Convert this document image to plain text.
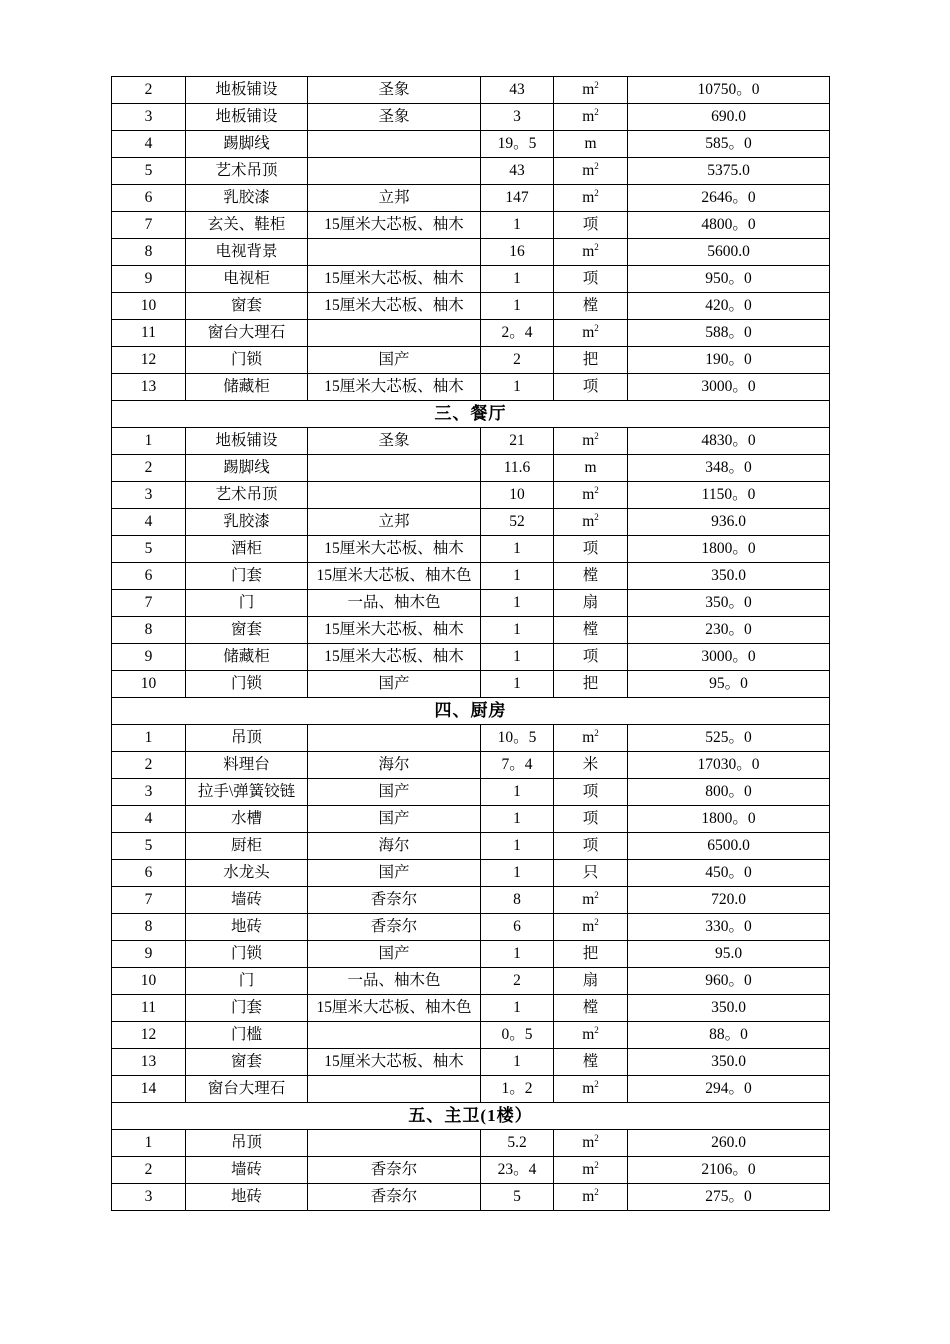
2	地板铺设	圣象	43	$m^2$	10750。0
3	地板铺设	圣象	3	$m^2$	690.0
4	踢脚线		19。5	m	585。0
5	艺术吊顶		43	$m^2$	5375.0
6	乳胶漆	立邦	147	$m^2$	2646。0
7	玄关、鞋柜	15厘米大芯板、柚木	1	项	4800。0
8	电视背景		16	$m^2$	5600.0
9	电视柜	15厘米大芯板、柚木	1	项	950。0
10	窗套	15厘米大芯板、柚木	1	樘	420。0
11	窗台大理石		2。4	$m^2$	588。0
12	门锁	国产	2	把	190。0
13	储藏柜	15厘米大芯板、柚木	1	项	3000。0
三、餐厅					
1	地板铺设	圣象	21	$m^2$	4830。0
2	踢脚线		11.6	m	348。0
3	艺术吊顶		10	$m^2$	1150。0
4	乳胶漆	立邦	52	$m^2$	936.0
5	酒柜	15厘米大芯板、柚木	1	项	1800。0
6	门套	15厘米大芯板、柚木色	1	樘	350.0
7	门	一品、柚木色	1	扇	350。0
8	窗套	15厘米大芯板、柚木	1	樘	230。0
9	储藏柜	15厘米大芯板、柚木	1	项	3000。0
10	门锁	国产	1	把	95。0
四、厨房					
1	吊顶		10。5	$m^2$	525。0
2	料理台	海尔	7。4	米	17030。0
3	拉手\弹簧铰链	国产	1	项	800。0
4	水槽	国产	1	项	1800。0
5	厨柜	海尔	1	项	6500.0
6	水龙头	国产	1	只	450。0
7	墙砖	香奈尔	8	$m^2$	720.0
8	地砖	香奈尔	6	$m^2$	330。0
9	门锁	国产	1	把	95.0
10	门	一品、柚木色	2	扇	960。0
11	门套	15厘米大芯板、柚木色	1	樘	350.0
12	门槛		0。5	$m^2$	88。0
13	窗套	15厘米大芯板、柚木	1	樘	350.0
14	窗台大理石		1。2	$m^2$	294。0
五、主卫(1楼）					
1	吊顶		5.2	$m^2$	260.0
2	墙砖	香奈尔	23。4	$m^2$	2106。0
3	地砖	香奈尔	5	$m^2$	275。0
